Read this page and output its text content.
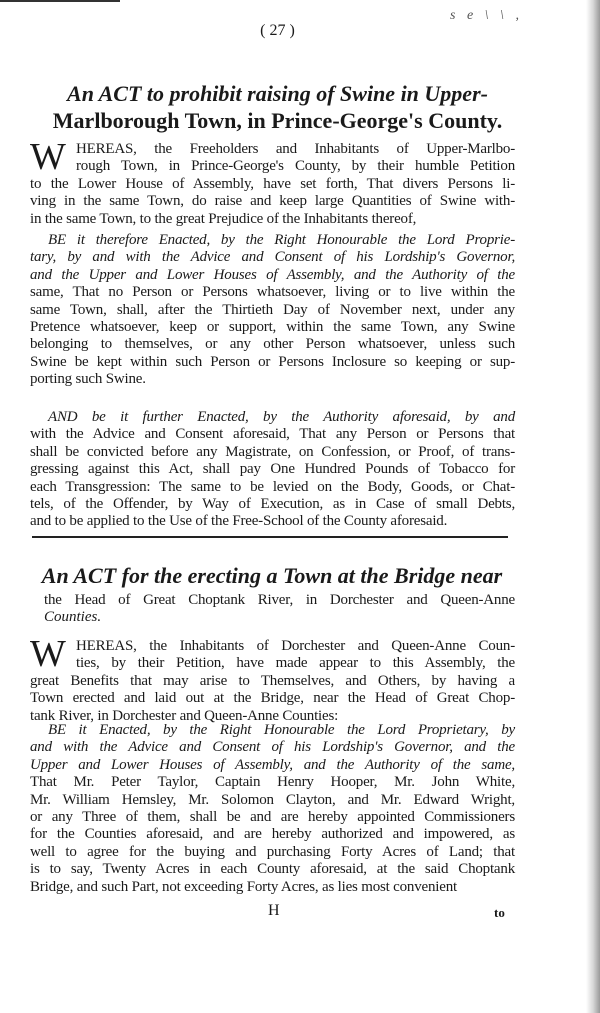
s e \ \ ,
( 27 )
An ACT to prohibit raising of Swine in Upper-
Marlborough Town, in Prince-George's County.
W HEREAS, the Freeholders and Inhabitants of Upper-Marlbo-
rough Town, in Prince-George's County, by their humble Petition
to the Lower House of Assembly, have set forth, That divers Persons li-
ving in the same Town, do raise and keep large Quantities of Swine with-
in the same Town, to the great Prejudice of the Inhabitants thereof,
BE it therefore Enacted, by the Right Honourable the Lord Proprie-
tary, by and with the Advice and Consent of his Lordship's Governor,
and the Upper and Lower Houses of Assembly, and the Authority of the
same, That no Person or Persons whatsoever, living or to live within the
same Town, shall, after the Thirtieth Day of November next, under any
Pretence whatsoever, keep or support, within the same Town, any Swine
belonging to themselves, or any other Person whatsoever, unless such
Swine be kept within such Person or Persons Inclosure so keeping or sup-
porting such Swine.
AND be it further Enacted, by the Authority aforesaid, by and
with the Advice and Consent aforesaid, That any Person or Persons that
shall be convicted before any Magistrate, on Confession, or Proof, of trans-
gressing against this Act, shall pay One Hundred Pounds of Tobacco for
each Transgression: The same to be levied on the Body, Goods, or Chat-
tels, of the Offender, by Way of Execution, as in Case of small Debts,
and to be applied to the Use of the Free-School of the County aforesaid.
An ACT for the erecting a Town at the Bridge near
the Head of Great Choptank River, in Dorchester and Queen-Anne
Counties.
W HEREAS, the Inhabitants of Dorchester and Queen-Anne Coun-
ties, by their Petition, have made appear to this Assembly, the
great Benefits that may arise to Themselves, and Others, by having a
Town erected and laid out at the Bridge, near the Head of Great Chop-
tank River, in Dorchester and Queen-Anne Counties:
BE it Enacted, by the Right Honourable the Lord Proprietary, by
and with the Advice and Consent of his Lordship's Governor, and the
Upper and Lower Houses of Assembly, and the Authority of the same,
That Mr. Peter Taylor, Captain Henry Hooper, Mr. John White,
Mr. William Hemsley, Mr. Solomon Clayton, and Mr. Edward Wright,
or any Three of them, shall be and are hereby appointed Commissioners
for the Counties aforesaid, and are hereby authorized and impowered, as
well to agree for the buying and purchasing Forty Acres of Land; that
is to say, Twenty Acres in each County aforesaid, at the said Choptank
Bridge, and such Part, not exceeding Forty Acres, as lies most convenient
H	to
